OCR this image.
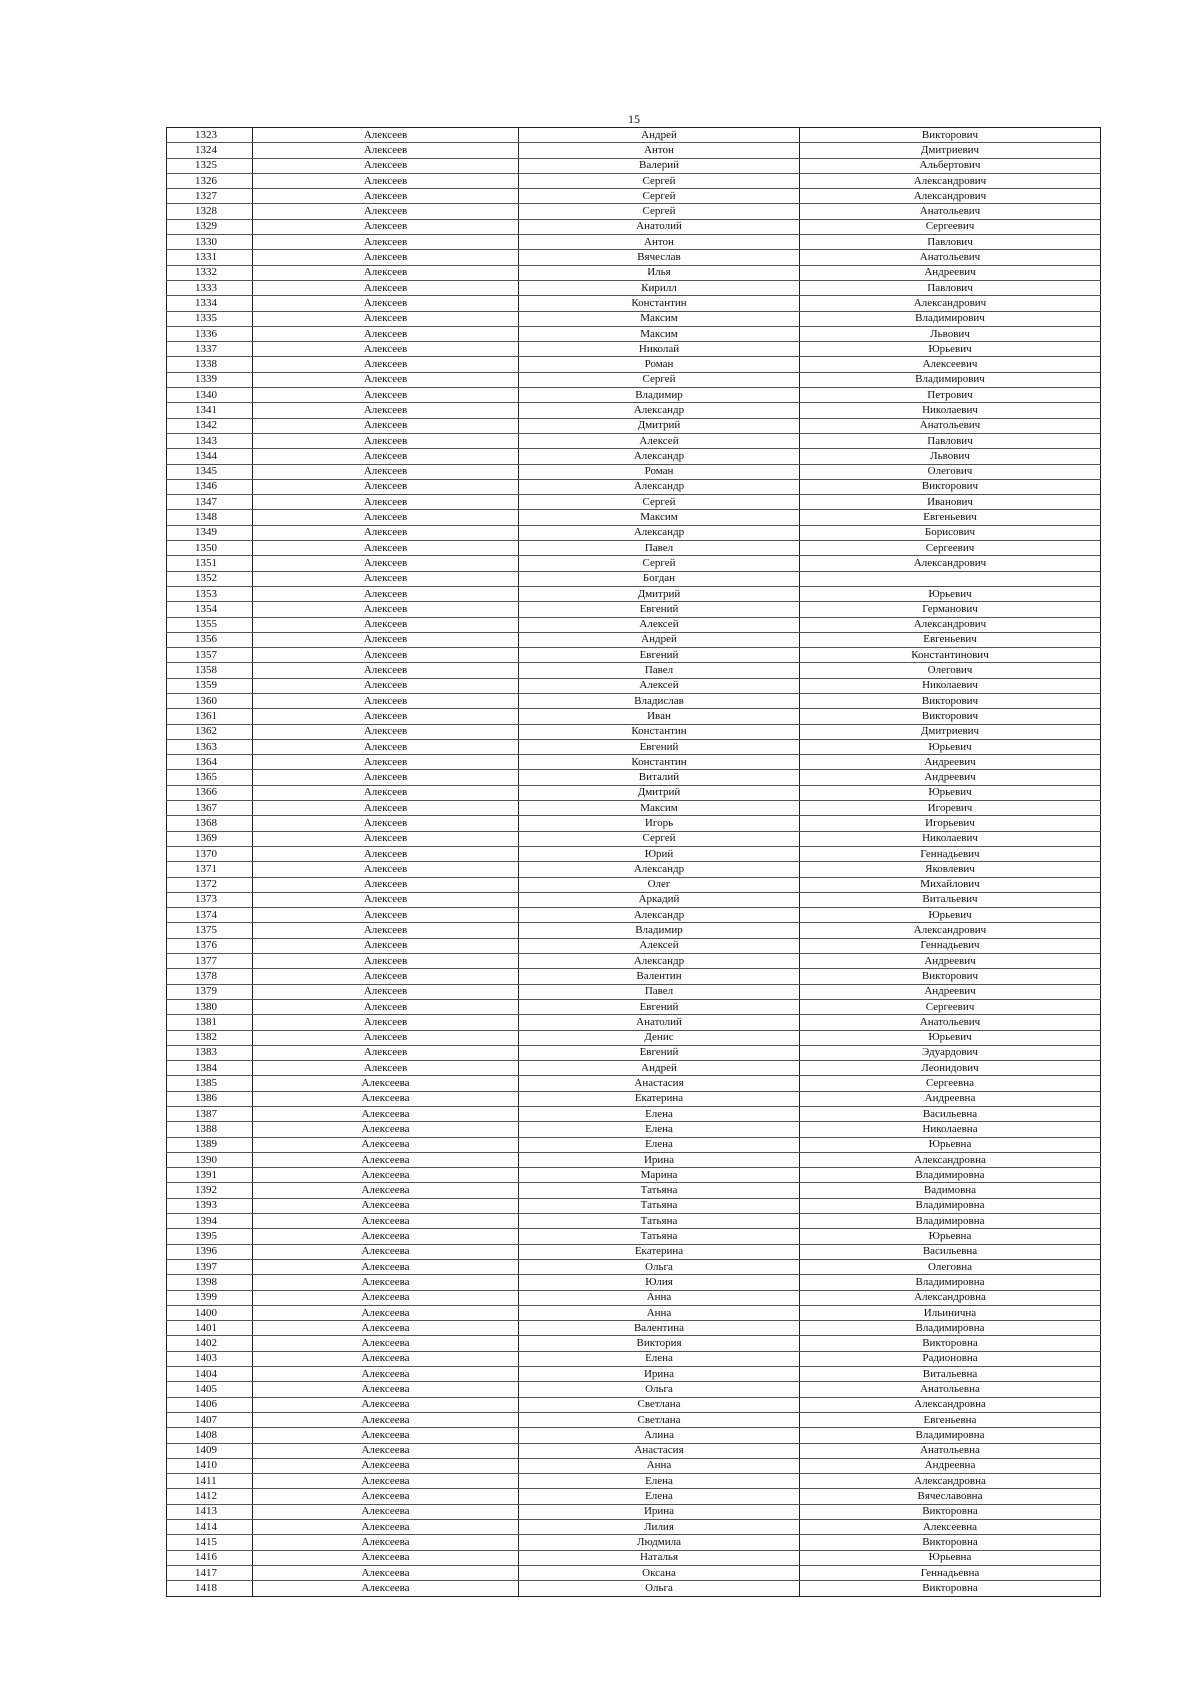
15
1323	Алексеев	Андрей	Викторович
1324	Алексеев	Антон	Дмитриевич
1325	Алексеев	Валерий	Альбертович
1326	Алексеев	Сергей	Александрович
1327	Алексеев	Сергей	Александрович
1328	Алексеев	Сергей	Анатольевич
1329	Алексеев	Анатолий	Сергеевич
1330	Алексеев	Антон	Павлович
1331	Алексеев	Вячеслав	Анатольевич
1332	Алексеев	Илья	Андреевич
1333	Алексеев	Кирилл	Павлович
1334	Алексеев	Константин	Александрович
1335	Алексеев	Максим	Владимирович
1336	Алексеев	Максим	Львович
1337	Алексеев	Николай	Юрьевич
1338	Алексеев	Роман	Алексеевич
1339	Алексеев	Сергей	Владимирович
1340	Алексеев	Владимир	Петрович
1341	Алексеев	Александр	Николаевич
1342	Алексеев	Дмитрий	Анатольевич
1343	Алексеев	Алексей	Павлович
1344	Алексеев	Александр	Львович
1345	Алексеев	Роман	Олегович
1346	Алексеев	Александр	Викторович
1347	Алексеев	Сергей	Иванович
1348	Алексеев	Максим	Евгеньевич
1349	Алексеев	Александр	Борисович
1350	Алексеев	Павел	Сергеевич
1351	Алексеев	Сергей	Александрович
1352	Алексеев	Богдан	
1353	Алексеев	Дмитрий	Юрьевич
1354	Алексеев	Евгений	Германович
1355	Алексеев	Алексей	Александрович
1356	Алексеев	Андрей	Евгеньевич
1357	Алексеев	Евгений	Константинович
1358	Алексеев	Павел	Олегович
1359	Алексеев	Алексей	Николаевич
1360	Алексеев	Владислав	Викторович
1361	Алексеев	Иван	Викторович
1362	Алексеев	Константин	Дмитриевич
1363	Алексеев	Евгений	Юрьевич
1364	Алексеев	Константин	Андреевич
1365	Алексеев	Виталий	Андреевич
1366	Алексеев	Дмитрий	Юрьевич
1367	Алексеев	Максим	Игоревич
1368	Алексеев	Игорь	Игорьевич
1369	Алексеев	Сергей	Николаевич
1370	Алексеев	Юрий	Геннадьевич
1371	Алексеев	Александр	Яковлевич
1372	Алексеев	Олег	Михайлович
1373	Алексеев	Аркадий	Витальевич
1374	Алексеев	Александр	Юрьевич
1375	Алексеев	Владимир	Александрович
1376	Алексеев	Алексей	Геннадьевич
1377	Алексеев	Александр	Андреевич
1378	Алексеев	Валентин	Викторович
1379	Алексеев	Павел	Андреевич
1380	Алексеев	Евгений	Сергеевич
1381	Алексеев	Анатолий	Анатольевич
1382	Алексеев	Денис	Юрьевич
1383	Алексеев	Евгений	Эдуардович
1384	Алексеев	Андрей	Леонидович
1385	Алексеева	Анастасия	Сергеевна
1386	Алексеева	Екатерина	Андреевна
1387	Алексеева	Елена	Васильевна
1388	Алексеева	Елена	Николаевна
1389	Алексеева	Елена	Юрьевна
1390	Алексеева	Ирина	Александровна
1391	Алексеева	Марина	Владимировна
1392	Алексеева	Татьяна	Вадимовна
1393	Алексеева	Татьяна	Владимировна
1394	Алексеева	Татьяна	Владимировна
1395	Алексеева	Татьяна	Юрьевна
1396	Алексеева	Екатерина	Васильевна
1397	Алексеева	Ольга	Олеговна
1398	Алексеева	Юлия	Владимировна
1399	Алексеева	Анна	Александровна
1400	Алексеева	Анна	Ильинична
1401	Алексеева	Валентина	Владимировна
1402	Алексеева	Виктория	Викторовна
1403	Алексеева	Елена	Радионовна
1404	Алексеева	Ирина	Витальевна
1405	Алексеева	Ольга	Анатольевна
1406	Алексеева	Светлана	Александровна
1407	Алексеева	Светлана	Евгеньевна
1408	Алексеева	Алина	Владимировна
1409	Алексеева	Анастасия	Анатольевна
1410	Алексеева	Анна	Андреевна
1411	Алексеева	Елена	Александровна
1412	Алексеева	Елена	Вячеславовна
1413	Алексеева	Ирина	Викторовна
1414	Алексеева	Лилия	Алексеевна
1415	Алексеева	Людмила	Викторовна
1416	Алексеева	Наталья	Юрьевна
1417	Алексеева	Оксана	Геннадьевна
1418	Алексеева	Ольга	Викторовна
